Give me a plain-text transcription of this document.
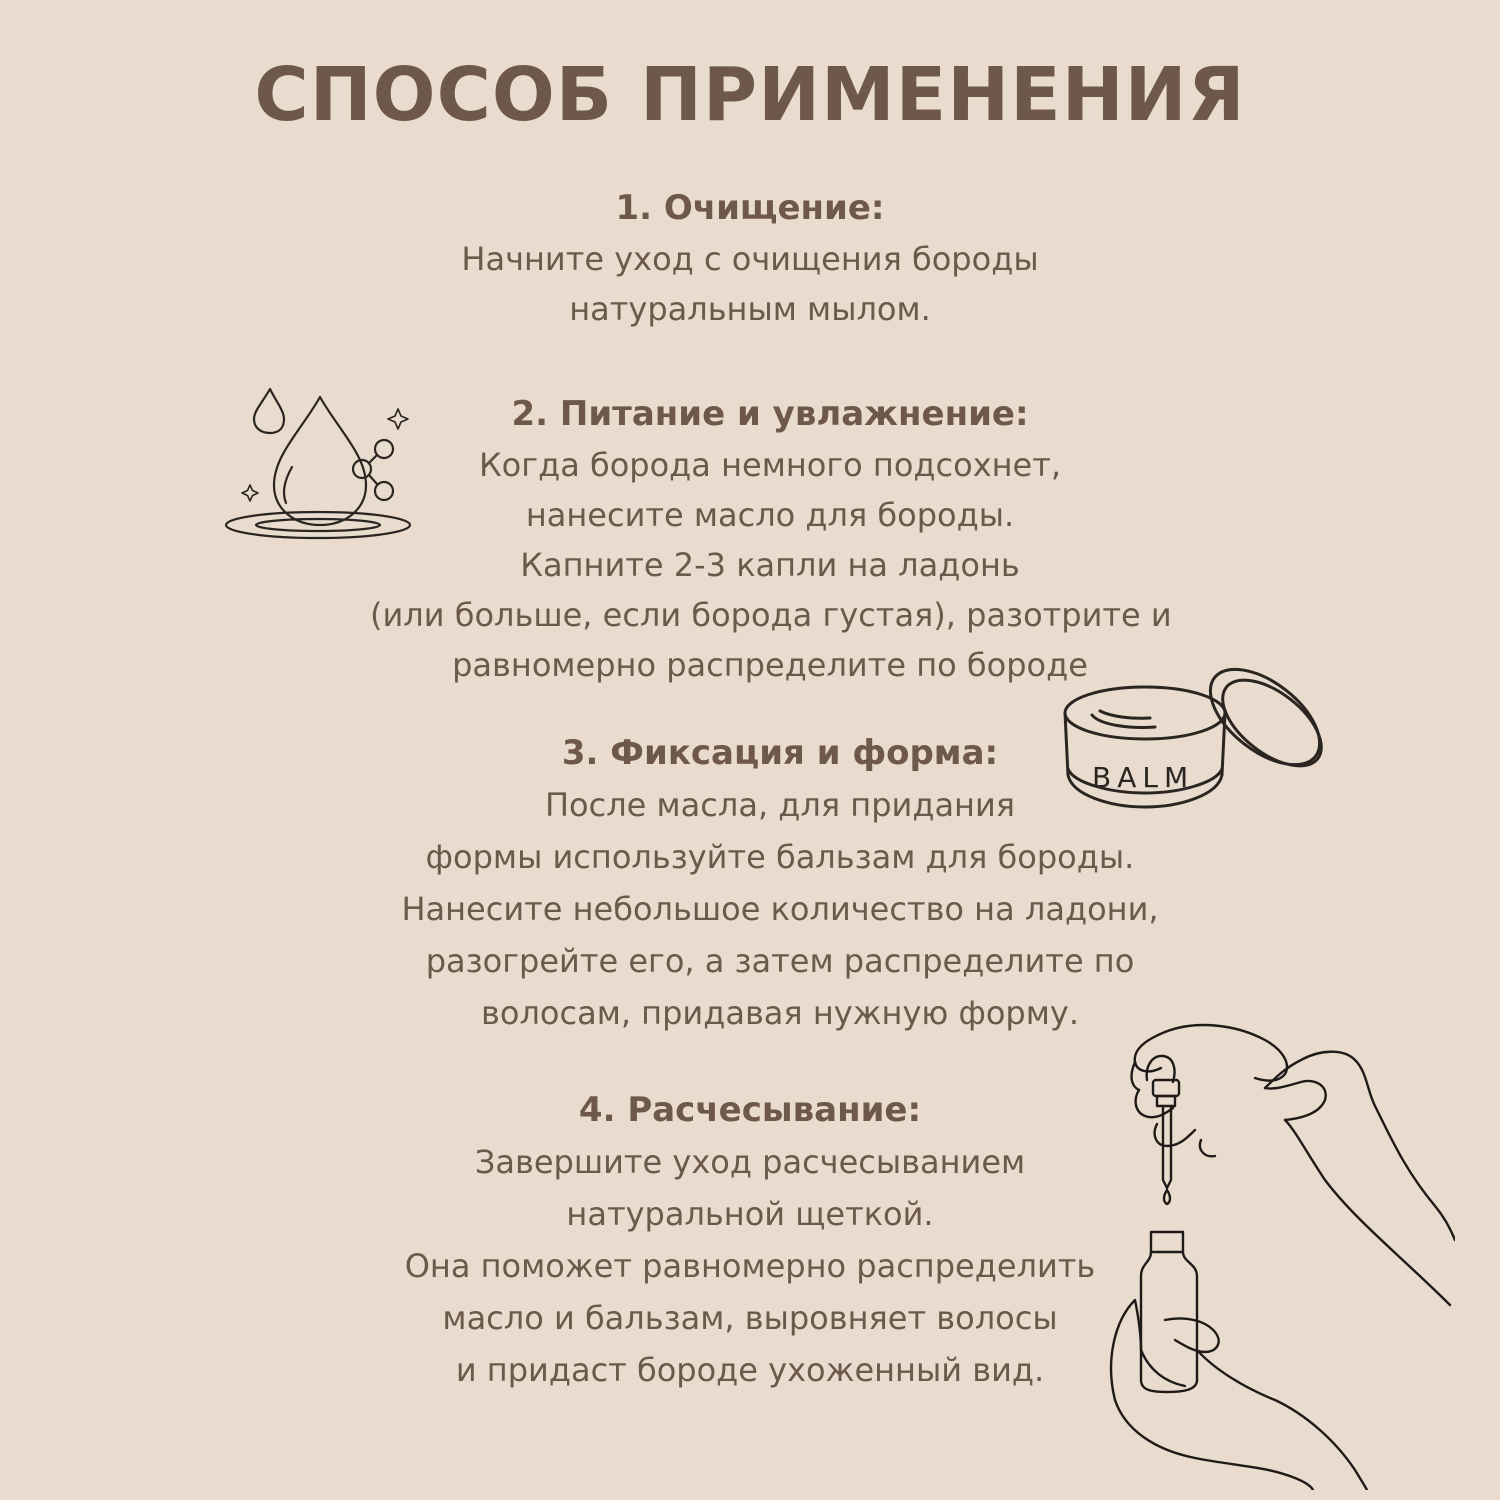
СПОСОБ ПРИМЕНЕНИЯ
1. Очищение:
Начните уход с очищения бороды
натуральным мылом.
2. Питание и увлажнение:
Когда борода немного подсохнет,
нанесите масло для бороды.
Капните 2-3 капли на ладонь
(или больше, если борода густая), разотрите и
равномерно распределите по бороде
3. Фиксация и форма:
После масла, для придания
формы используйте бальзам для бороды.
Нанесите небольшое количество на ладони,
разогрейте его, а затем распределите по
волосам, придавая нужную форму.
4. Расчесывание:
Завершите уход расчесыванием
натуральной щеткой.
Она поможет равномерно распределить
масло и бальзам, выровняет волосы
и придаст бороде ухоженный вид.
BALM
